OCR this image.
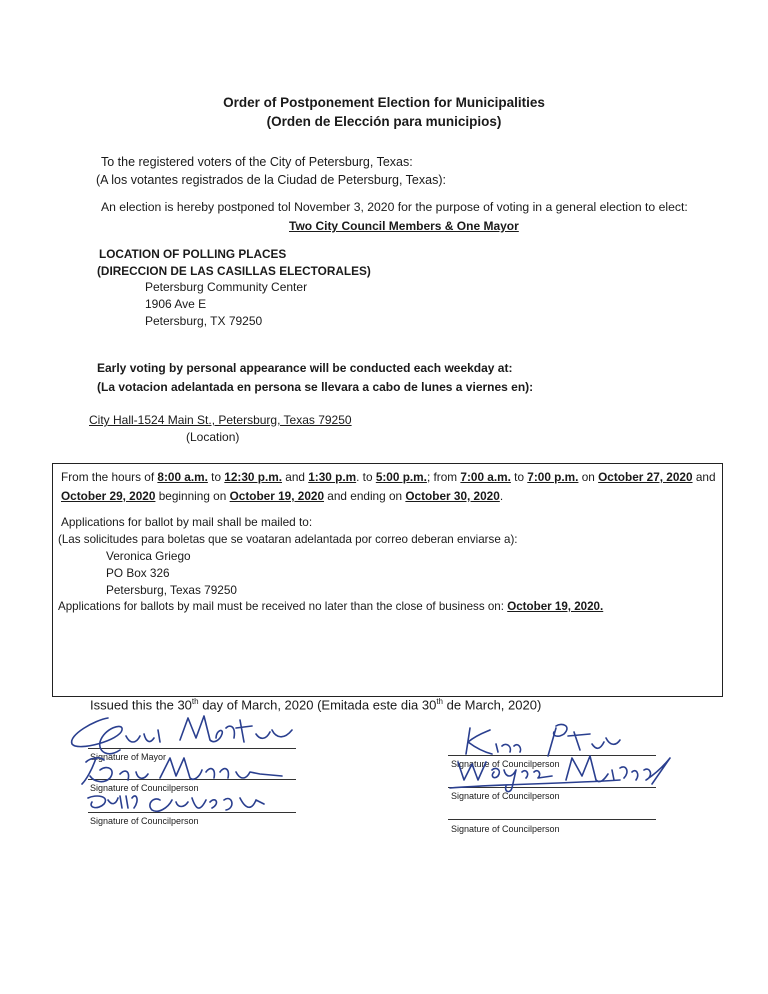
Order of Postponement Election for Municipalities
(Orden de Elección para municipios)
To the registered voters of the City of Petersburg, Texas:
(A los votantes registrados de la Ciudad de Petersburg, Texas):
An election is hereby postponed tol November 3, 2020 for the purpose of voting in a general election to elect:
Two City Council Members & One Mayor
LOCATION OF POLLING PLACES
(DIRECCION DE LAS CASILLAS ELECTORALES)
Petersburg Community Center
1906 Ave E
Petersburg, TX 79250
Early voting by personal appearance will be conducted each weekday at:
(La votacion adelantada en persona se llevara a cabo de lunes a viernes en):
City Hall-1524 Main St., Petersburg, Texas 79250
(Location)
From the hours of 8:00 a.m. to 12:30 p.m. and 1:30 p.m. to 5:00 p.m.; from 7:00 a.m. to 7:00 p.m. on October 27, 2020 and
October 29, 2020 beginning on October 19, 2020 and ending on October 30, 2020.
Applications for ballot by mail shall be mailed to:
(Las solicitudes para boletas que se voataran adelantada por correo deberan enviarse a):
Veronica Griego
PO Box 326
Petersburg, Texas 79250
Applications for ballots by mail must be received no later than the close of business on: October 19, 2020.
Issued this the 30th day of March, 2020 (Emitada este dia 30th de March, 2020)
Signature of Mayor
Signature of Councilperson
Signature of Councilperson
Signature of Councilperson
Signature of Councilperson
Signature of Councilperson
